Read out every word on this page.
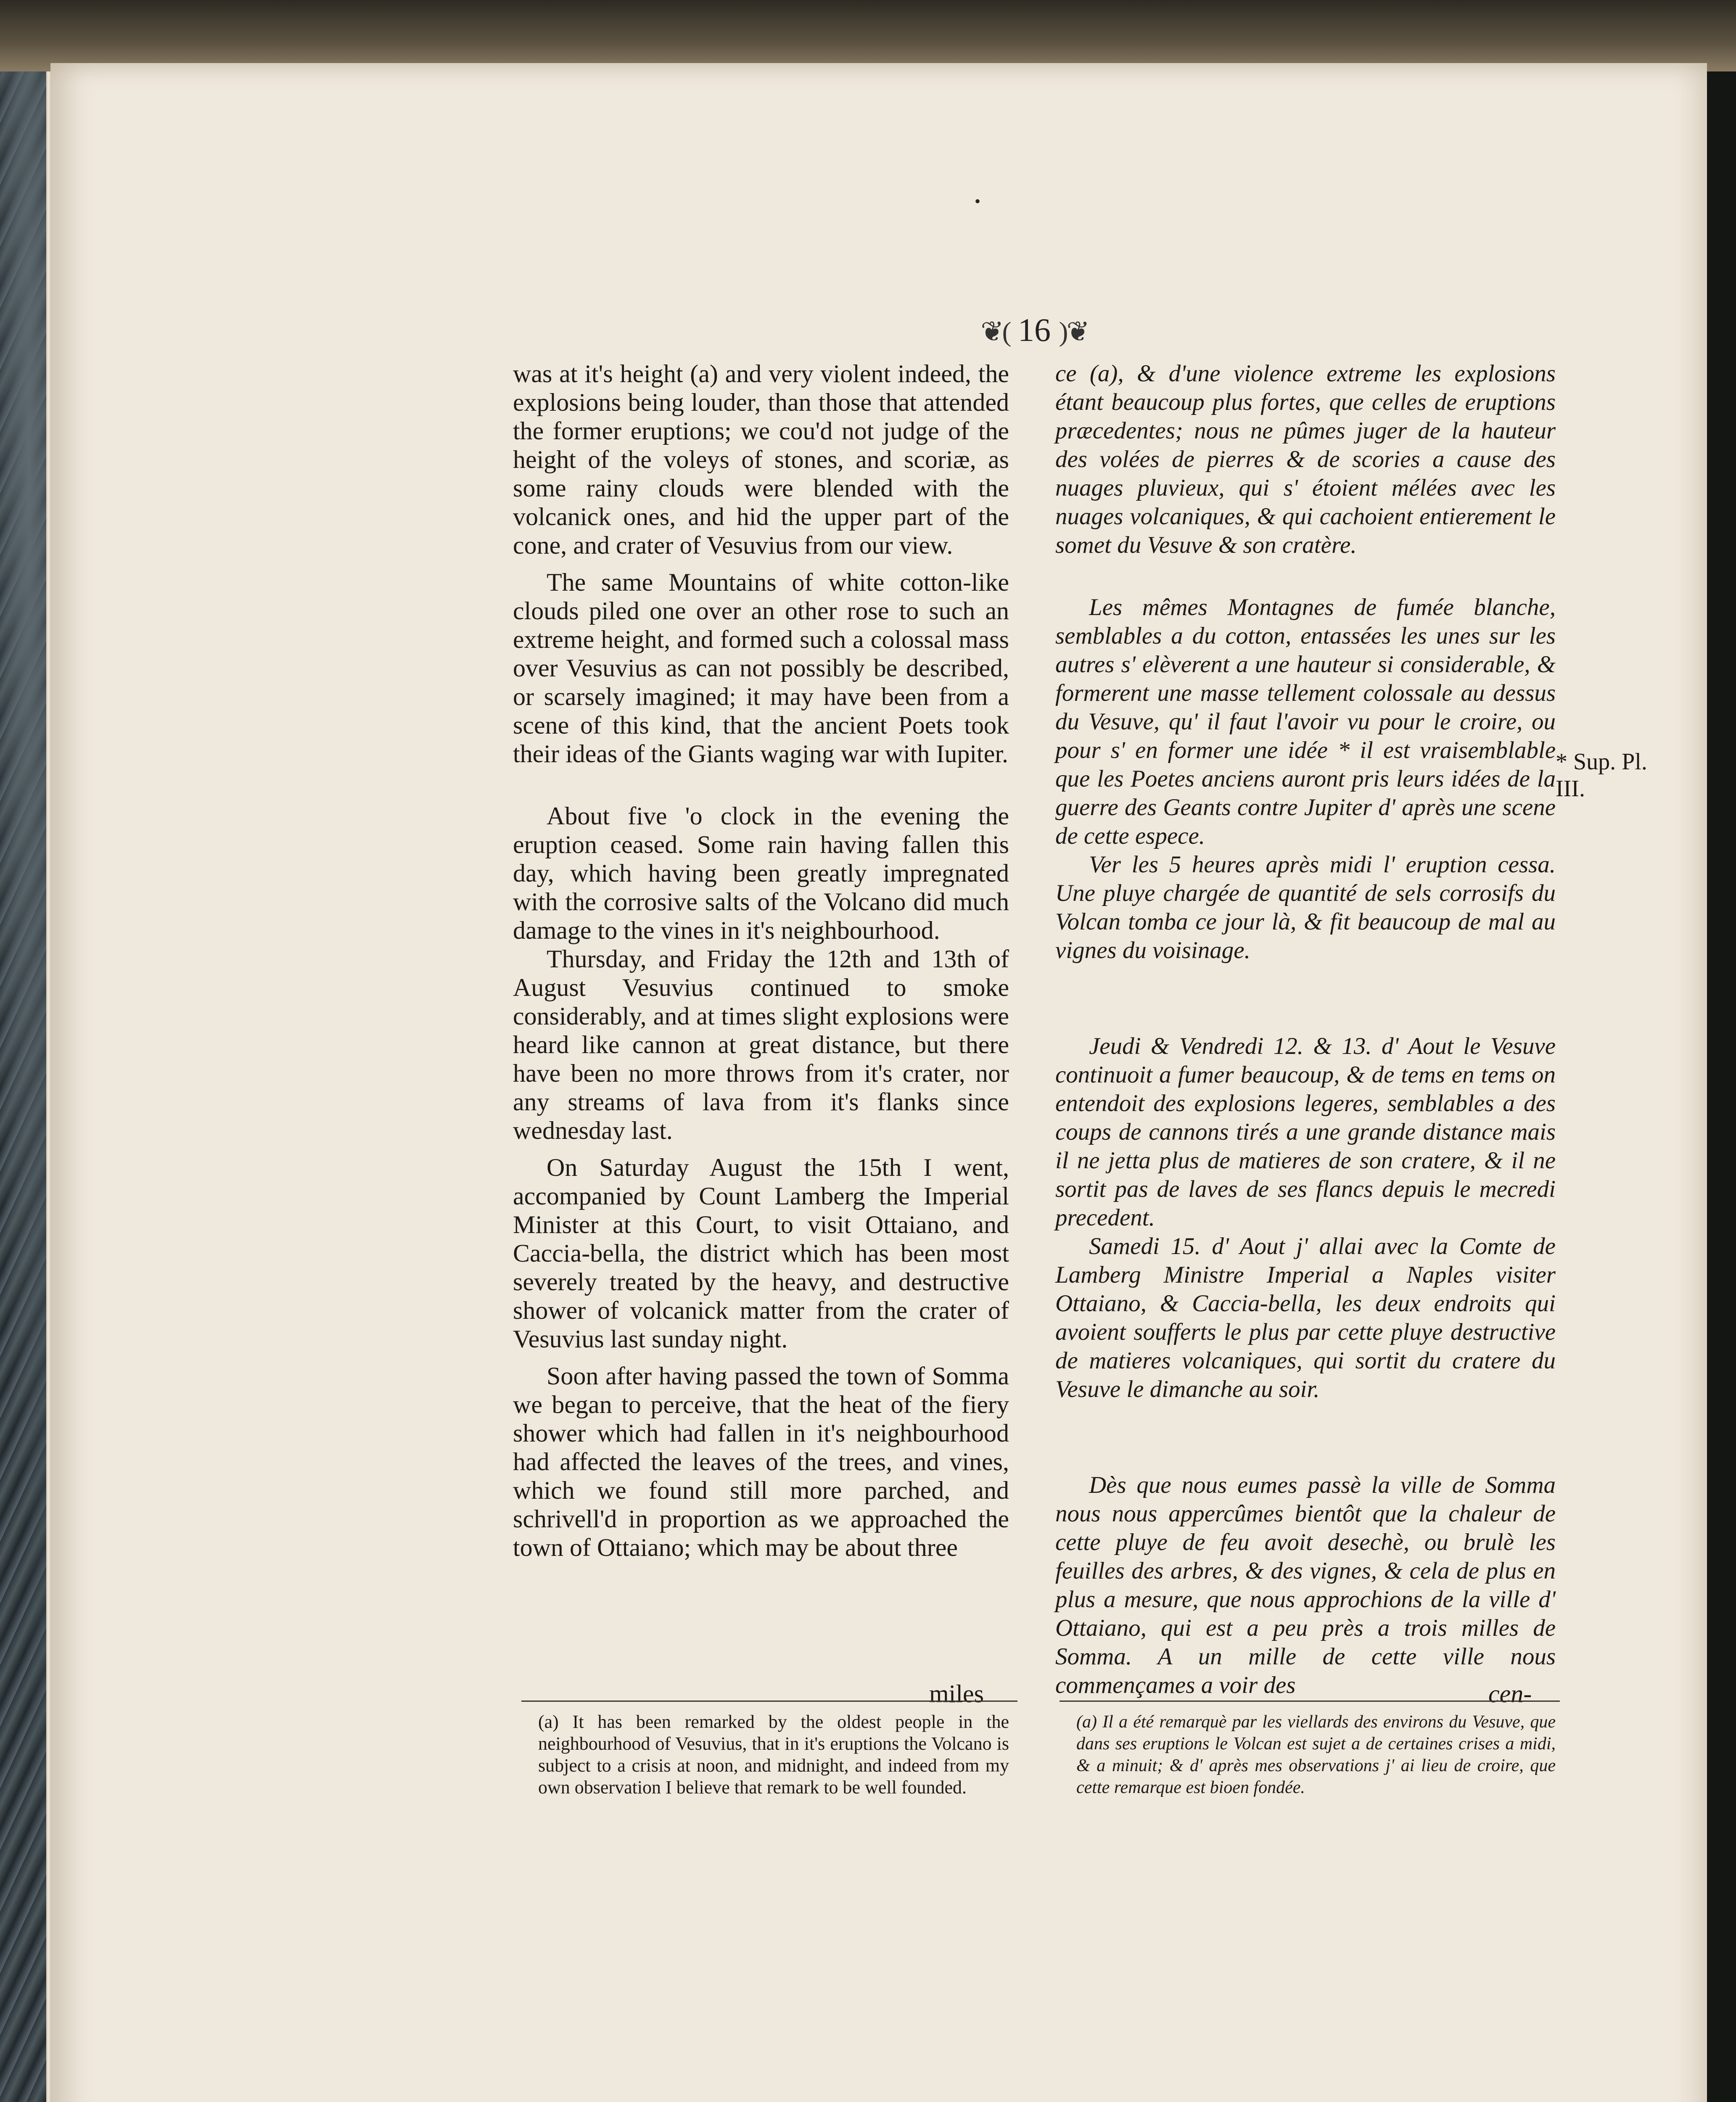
•
❦( 16 )❦

was at it's height (a) and very violent indeed, the explosions being louder, than those that attended the former eruptions; we cou'd not judge of the height of the voleys of stones, and scoriæ, as some rainy clouds were blended with the volcanick ones, and hid the upper part of the cone, and crater of Vesuvius from our view.

The same Mountains of white cotton-like clouds piled one over an other rose to such an extreme height, and formed such a colossal mass over Vesuvius as can not possibly be described, or scarsely imagined; it may have been from a scene of this kind, that the ancient Poets took their ideas of the Giants waging war with Iupiter.

About five 'o clock in the evening the eruption ceased. Some rain having fallen this day, which having been greatly impregnated with the corrosive salts of the Volcano did much damage to the vines in it's neighbourhood.

Thursday, and Friday the 12th and 13th of August Vesuvius continued to smoke considerably, and at times slight explosions were heard like cannon at great distance, but there have been no more throws from it's crater, nor any streams of lava from it's flanks since wednesday last.

On Saturday August the 15th I went, accompanied by Count Lamberg the Imperial Minister at this Court, to visit Ottaiano, and Caccia-bella, the district which has been most severely treated by the heavy, and destructive shower of volcanick matter from the crater of Vesuvius last sunday night.

Soon after having passed the town of Somma we began to perceive, that the heat of the fiery shower which had fallen in it's neighbourhood had affected the leaves of the trees, and vines, which we found still more parched, and schrivell'd in proportion as we approached the town of Ottaiano; which may be about three

miles

ce (a), & d'une violence extreme les explosions étant beaucoup plus fortes, que celles de eruptions præcedentes; nous ne pûmes juger de la hauteur des volées de pierres & de scories a cause des nuages pluvieux, qui s' étoient mélées avec les nuages volcaniques, & qui cachoient entierement le somet du Vesuve & son cratère.

Les mêmes Montagnes de fumée blanche, semblables a du cotton, entassées les unes sur les autres s' elèverent a une hauteur si considerable, & formerent une masse tellement colossale au dessus du Vesuve, qu' il faut l'avoir vu pour le croire, ou pour s' en former une idée * il est vraisemblable que les Poetes anciens auront pris leurs idées de la guerre des Geants contre Jupiter d' après une scene de cette espece.

Ver les 5 heures après midi l' eruption cessa. Une pluye chargée de quantité de sels corrosifs du Volcan tomba ce jour là, & fit beaucoup de mal au vignes du voisinage.

Jeudi & Vendredi 12. & 13. d' Aout le Vesuve continuoit a fumer beaucoup, & de tems en tems on entendoit des explosions legeres, semblables a des coups de cannons tirés a une grande distance mais il ne jetta plus de matieres de son cratere, & il ne sortit pas de laves de ses flancs depuis le mecredi precedent.

Samedi 15. d' Aout j' allai avec la Comte de Lamberg Ministre Imperial a Naples visiter Ottaiano, & Caccia-bella, les deux endroits qui avoient soufferts le plus par cette pluye destructive de matieres volcaniques, qui sortit du cratere du Vesuve le dimanche au soir.

Dès que nous eumes passè la ville de Somma nous nous appercûmes bientôt que la chaleur de cette pluye de feu avoit desechè, ou brulè les feuilles des arbres, & des vignes, & cela de plus en plus a mesure, que nous approchions de la ville d' Ottaiano, qui est a peu près a trois milles de Somma. A un mille de cette ville nous commençames a voir des	cen-
(a) It has been remarked by the oldest people in the neighbourhood of Vesuvius, that in it's eruptions the Volcano is subject to a crisis at noon, and midnight, and indeed from my own observation I believe that remark to be well founded.
(a) Il a été remarquè par les viellards des environs du Vesuve, que dans ses eruptions le Volcan est sujet a de certaines crises a midi, & a minuit; & d' après mes observations j' ai lieu de croire, que cette remarque est bioen fondée.
* Sup. Pl. III.
